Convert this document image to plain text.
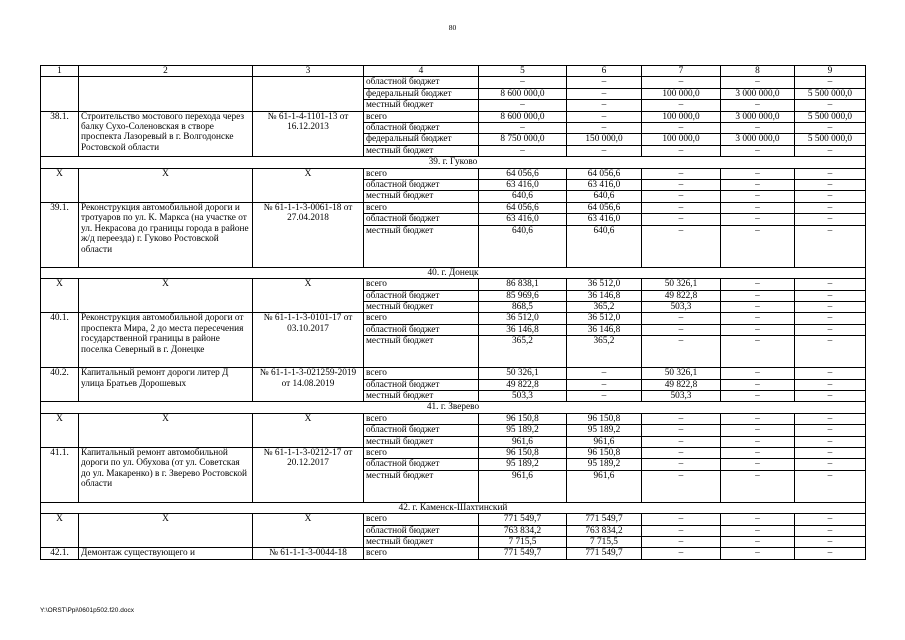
80
1	2	3	4	5	6	7	8	9
			областной бюджет	–	–	–	–	–
			федеральный бюджет	8 600 000,0	–	100 000,0	3 000 000,0	5 500 000,0
			местный бюджет	–	–	–	–	–
38.1.	Строительство мостового перехода через балку Сухо-Соленовская в створе проспекта Лазоревый в г. Волгодонске Ростовской области	№ 61-1-4-1101-13 от 16.12.2013	всего	8 600 000,0	–	100 000,0	3 000 000,0	5 500 000,0
			областной бюджет	–	–	–	–	–
			федеральный бюджет	8 750 000,0	150 000,0	100 000,0	3 000 000,0	5 500 000,0
			местный бюджет	–	–	–	–	–
39. г. Гуково								
Х	Х	Х	всего	64 056,6	64 056,6	–	–	–
			областной бюджет	63 416,0	63 416,0	–	–	–
			местный бюджет	640,6	640,6	–	–	–
39.1.	Реконструкция автомобильной дороги и тротуаров по ул. К. Маркса (на участке от ул. Некрасова до границы города в районе ж/д переезда) г. Гуково Ростовской области	№ 61-1-1-3-0061-18 от 27.04.2018	всего	64 056,6	64 056,6	–	–	–
			областной бюджет	63 416,0	63 416,0	–	–	–
			местный бюджет	640,6	640,6	–	–	–
40. г. Донецк								
Х	Х	Х	всего	86 838,1	36 512,0	50 326,1	–	–
			областной бюджет	85 969,6	36 146,8	49 822,8	–	–
			местный бюджет	868,5	365,2	503,3	–	–
40.1.	Реконструкция автомобильной дороги от проспекта Мира, 2 до места пересечения государственной границы в районе поселка Северный в г. Донецке	№ 61-1-1-3-0101-17 от 03.10.2017	всего	36 512,0	36 512,0	–	–	–
			областной бюджет	36 146,8	36 146,8	–	–	–
			местный бюджет	365,2	365,2	–	–	–
40.2.	Капитальный ремонт дороги литер Д улица Братьев Дорошевых	№ 61-1-1-3-021259-2019 от 14.08.2019	всего	50 326,1	–	50 326,1	–	–
			областной бюджет	49 822,8	–	49 822,8	–	–
			местный бюджет	503,3	–	503,3	–	–
41. г. Зверево								
Х	Х	Х	всего	96 150,8	96 150,8	–	–	–
			областной бюджет	95 189,2	95 189,2	–	–	–
			местный бюджет	961,6	961,6	–	–	–
41.1.	Капитальный ремонт автомобильной дороги по ул. Обухова (от ул. Советская до ул. Макаренко) в г. Зверево Ростовской области	№ 61-1-1-3-0212-17 от 20.12.2017	всего	96 150,8	96 150,8	–	–	–
			областной бюджет	95 189,2	95 189,2	–	–	–
			местный бюджет	961,6	961,6	–	–	–
42. г. Каменск-Шахтинский								
Х	Х	Х	всего	771 549,7	771 549,7	–	–	–
			областной бюджет	763 834,2	763 834,2	–	–	–
			местный бюджет	7 715,5	7 715,5	–	–	–
42.1.	Демонтаж существующего и	№ 61-1-1-3-0044-18	всего	771 549,7	771 549,7	–	–	–
Y:\ORST\Ppi\0601p502.f20.docx
